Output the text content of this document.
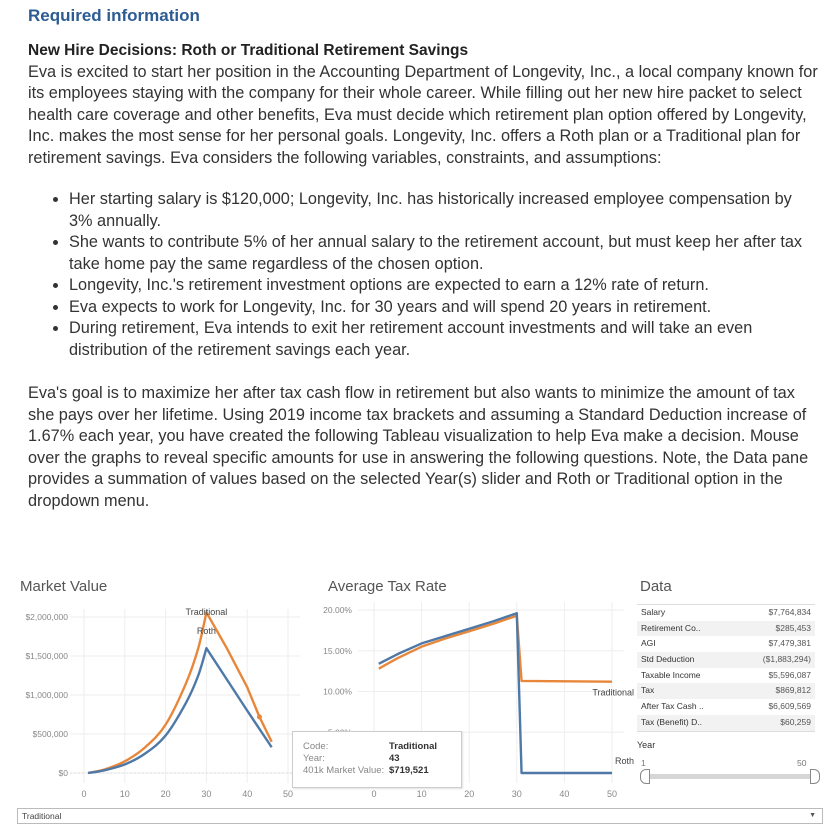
Required information
New Hire Decisions: Roth or Traditional Retirement Savings

Eva is excited to start her position in the Accounting Department of Longevity, Inc., a local company known for its employees staying with the company for their whole career. While filling out her new hire packet to select health care coverage and other benefits, Eva must decide which retirement plan option offered by Longevity, Inc. makes the most sense for her personal goals. Longevity, Inc. offers a Roth plan or a Traditional plan for retirement savings. Eva considers the following variables, constraints, and assumptions:

• Her starting salary is $120,000; Longevity, Inc. has historically increased employee compensation by 3% annually.
• She wants to contribute 5% of her annual salary to the retirement account, but must keep her after tax take home pay the same regardless of the chosen option.
• Longevity, Inc.'s retirement investment options are expected to earn a 12% rate of return.
• Eva expects to work for Longevity, Inc. for 30 years and will spend 20 years in retirement.
• During retirement, Eva intends to exit her retirement account investments and will take an even distribution of the retirement savings each year.

Eva's goal is to maximize her after tax cash flow in retirement but also wants to minimize the amount of tax she pays over her lifetime. Using 2019 income tax brackets and assuming a Standard Deduction increase of 1.67% each year, you have created the following Tableau visualization to help Eva make a decision. Mouse over the graphs to reveal specific amounts for use in answering the following questions. Note, the Data pane provides a summation of values based on the selected Year(s) slider and Roth or Traditional option in the dropdown menu.

Market Value	Average Tax Rate	Data
0	10	20	30	40	50
$0
$500,000
$1,000,000
$1,500,000
$2,000,000	Traditional
Roth
0	10	20	30	40	50
10.00%
15.00%
20.00%
Traditional
Roth
Code:	Traditional
Year:	43
401k Market Value: $719,521
Salary	$7,764,834
Retirement Co..	$285,453
AGI	$7,479,381
Std Deduction	($1,883,294)
Taxable Income	$5,596,087
Tax	$869,812
After Tax Cash ..	$6,609,569
Tax (Benefit) D..	$60,259
Year
1	50
Traditional	▼
